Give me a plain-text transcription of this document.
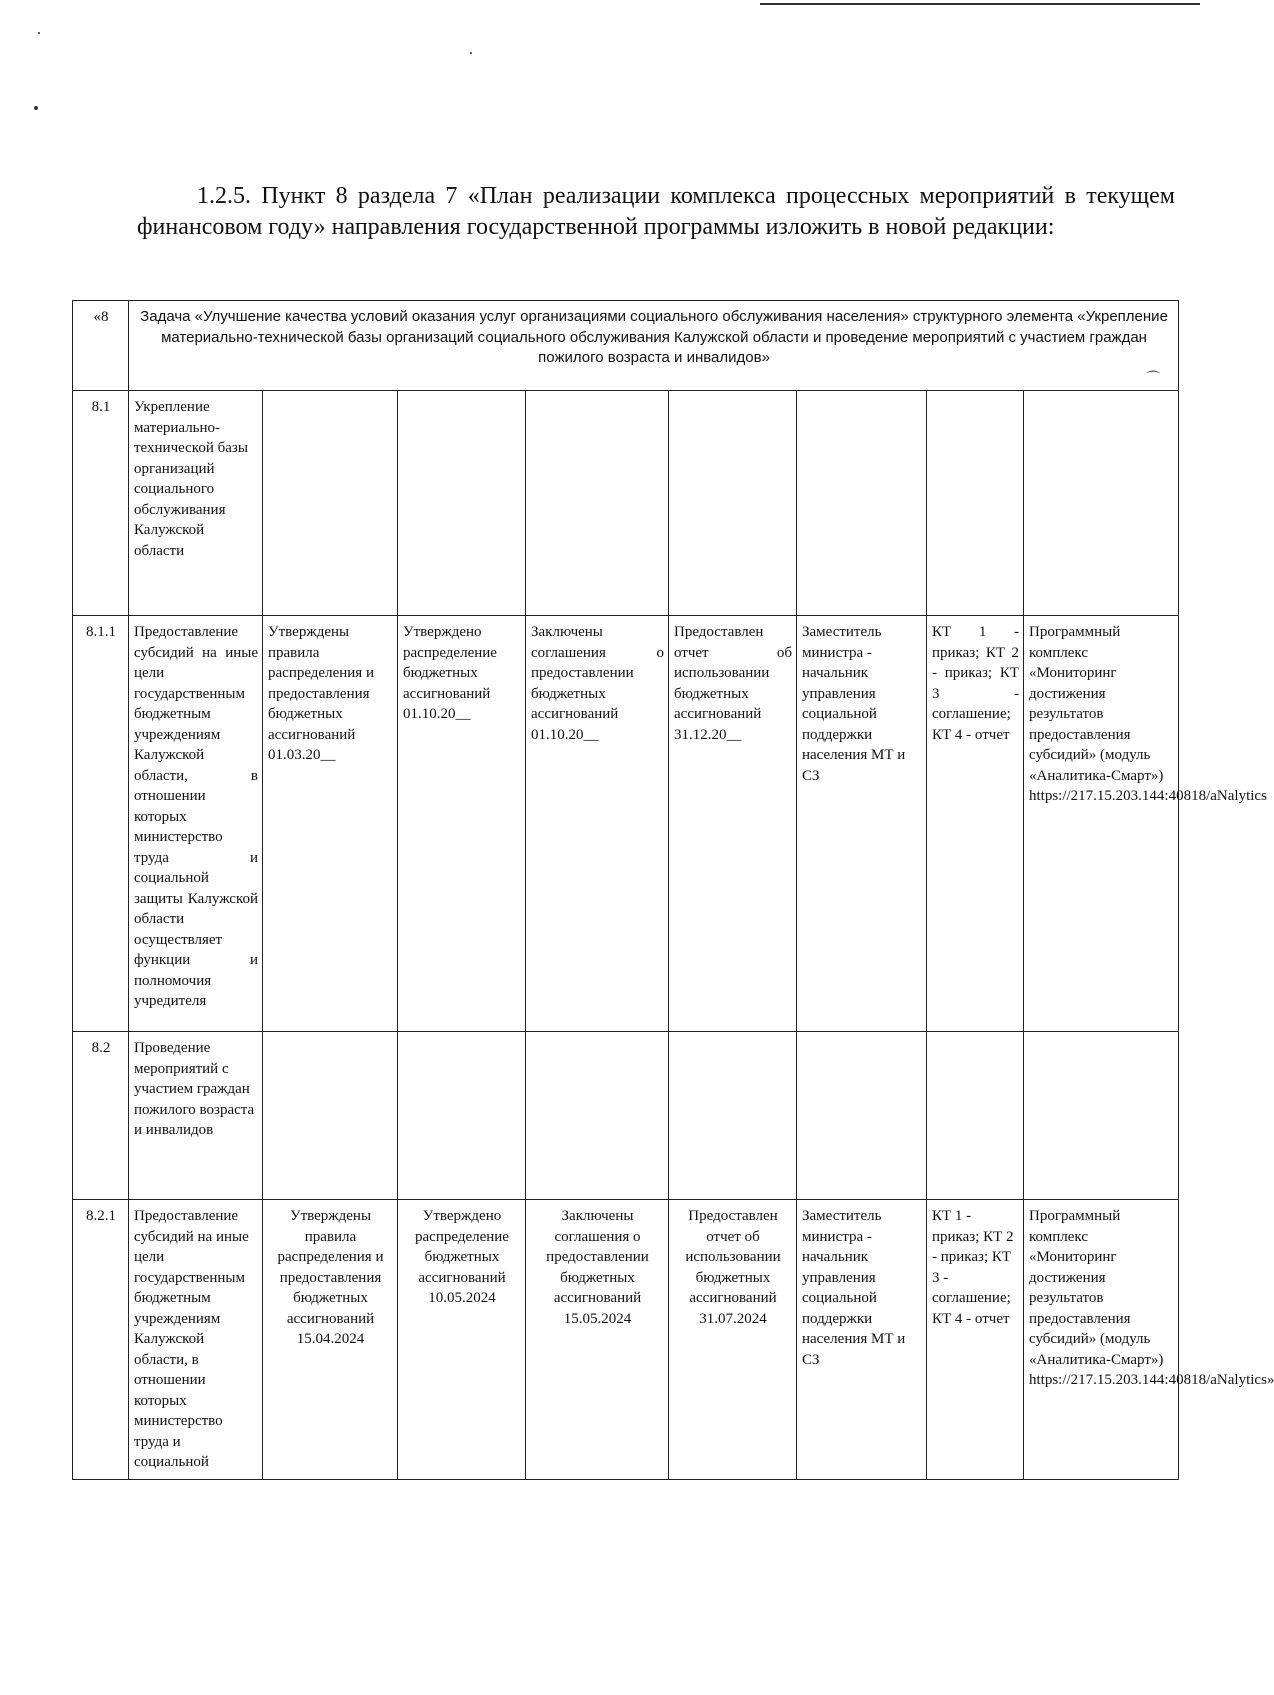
1.2.5. Пункт 8 раздела 7 «План реализации комплекса процессных мероприятий в текущем финансовом году» направления государственной программы изложить в новой редакции:

«8	Задача «Улучшение качества условий оказания услуг организациями социального обслуживания населения» структурного элемента «Укрепление материально-технической базы организаций социального обслуживания Калужской области и проведение мероприятий с участием граждан пожилого возраста и инвалидов»
⌒							

8.1	Укрепление материально-технической базы организаций социального обслуживания Калужской области							
8.1.1	Предоставление субсидий на иные цели государственным бюджетным учреждениям Калужской области, в отношении которых министерство труда и социальной защиты Калужской области осуществляет функции и полномочия учредителя	Утверждены правила распределения и предоставления бюджетных ассигнований 01.03.20__	Утверждено распределение бюджетных ассигнований 01.10.20__	Заключены соглашения о предоставлении бюджетных ассигнований 01.10.20__	Предоставлен отчет об использовании бюджетных ассигнований 31.12.20__	Заместитель министра - начальник управления социальной поддержки населения МТ и СЗ	КТ 1 - приказ; КТ 2 - приказ; КТ 3 - соглашение; КТ 4 - отчет	Программный комплекс «Мониторинг достижения результатов предоставления субсидий» (модуль «Аналитика-Смарт») https://217.15.203.144:40818/aNalytics
8.2	Проведение мероприятий с участием граждан пожилого возраста и инвалидов							
8.2.1	Предоставление субсидий на иные цели государственным бюджетным учреждениям Калужской области, в отношении которых министерство труда и социальной	Утверждены правила распределения и предоставления бюджетных ассигнований 15.04.2024	Утверждено распределение бюджетных ассигнований 10.05.2024	Заключены соглашения о предоставлении бюджетных ассигнований 15.05.2024	Предоставлен отчет об использовании бюджетных ассигнований 31.07.2024	Заместитель министра - начальник управления социальной поддержки населения МТ и СЗ	КТ 1 - приказ; КТ 2 - приказ; КТ 3 - соглашение; КТ 4 - отчет	Программный комплекс «Мониторинг достижения результатов предоставления субсидий» (модуль «Аналитика-Смарт») https://217.15.203.144:40818/aNalytics»
